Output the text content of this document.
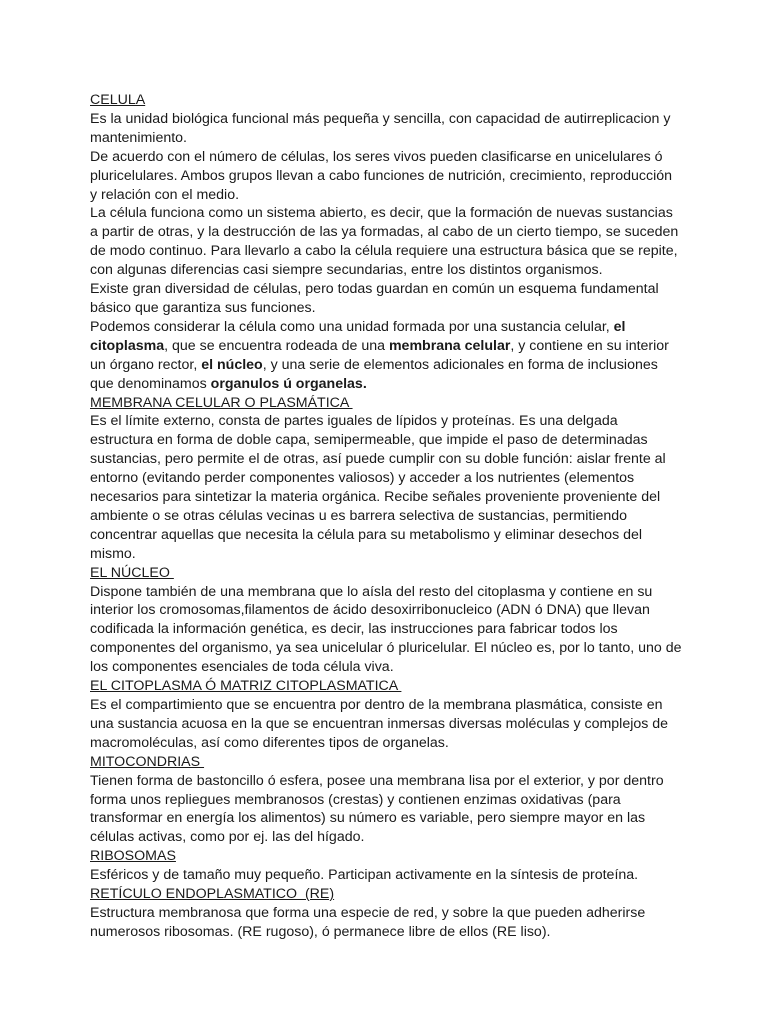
CELULA

Es la unidad biológica funcional más pequeña y sencilla, con capacidad de autirreplicacion y mantenimiento.

De acuerdo con el número de células, los seres vivos pueden clasificarse en unicelulares ó pluricelulares. Ambos grupos llevan a cabo funciones de nutrición, crecimiento, reproducción y relación con el medio.

La célula funciona como un sistema abierto, es decir, que la formación de nuevas sustancias a partir de otras, y la destrucción de las ya formadas, al cabo de un cierto tiempo, se suceden de modo continuo. Para llevarlo a cabo la célula requiere una estructura básica que se repite, con algunas diferencias casi siempre secundarias, entre los distintos organismos.

Existe gran diversidad de células, pero todas guardan en común un esquema fundamental básico que garantiza sus funciones.

Podemos considerar la célula como una unidad formada por una sustancia celular, el citoplasma, que se encuentra rodeada de una membrana celular, y contiene en su interior un órgano rector, el núcleo, y una serie de elementos adicionales en forma de inclusiones que denominamos organulos ú organelas.

MEMBRANA CELULAR O PLASMÁTICA

Es el límite externo, consta de partes iguales de lípidos y proteínas. Es una delgada estructura en forma de doble capa, semipermeable, que impide el paso de determinadas sustancias, pero permite el de otras, así puede cumplir con su doble función: aislar frente al entorno (evitando perder componentes valiosos) y acceder a los nutrientes (elementos necesarios para sintetizar la materia orgánica. Recibe señales proveniente proveniente del ambiente o se otras células vecinas u es barrera selectiva de sustancias, permitiendo concentrar aquellas que necesita la célula para su metabolismo y eliminar desechos del mismo.

EL NÚCLEO

Dispone también de una membrana que lo aísla del resto del citoplasma y contiene en su interior los cromosomas,filamentos de ácido desoxirribonucleico (ADN ó DNA) que llevan codificada la información genética, es decir, las instrucciones para fabricar todos los componentes del organismo, ya sea unicelular ó pluricelular. El núcleo es, por lo tanto, uno de los componentes esenciales de toda célula viva.

EL CITOPLASMA Ó MATRIZ CITOPLASMATICA

Es el compartimiento que se encuentra por dentro de la membrana plasmática, consiste en una sustancia acuosa en la que se encuentran inmersas diversas moléculas y complejos de macromoléculas, así como diferentes tipos de organelas.

MITOCONDRIAS

Tienen forma de bastoncillo ó esfera, posee una membrana lisa por el exterior, y por dentro forma unos repliegues membranosos (crestas) y contienen enzimas oxidativas (para transformar en energía los alimentos) su número es variable, pero siempre mayor en las células activas, como por ej. las del hígado.

RIBOSOMAS

Esféricos y de tamaño muy pequeño. Participan activamente en la síntesis de proteína.

RETÍCULO ENDOPLASMATICO  (RE)

Estructura membranosa que forma una especie de red, y sobre la que pueden adherirse numerosos ribosomas. (RE rugoso), ó permanece libre de ellos (RE liso).
